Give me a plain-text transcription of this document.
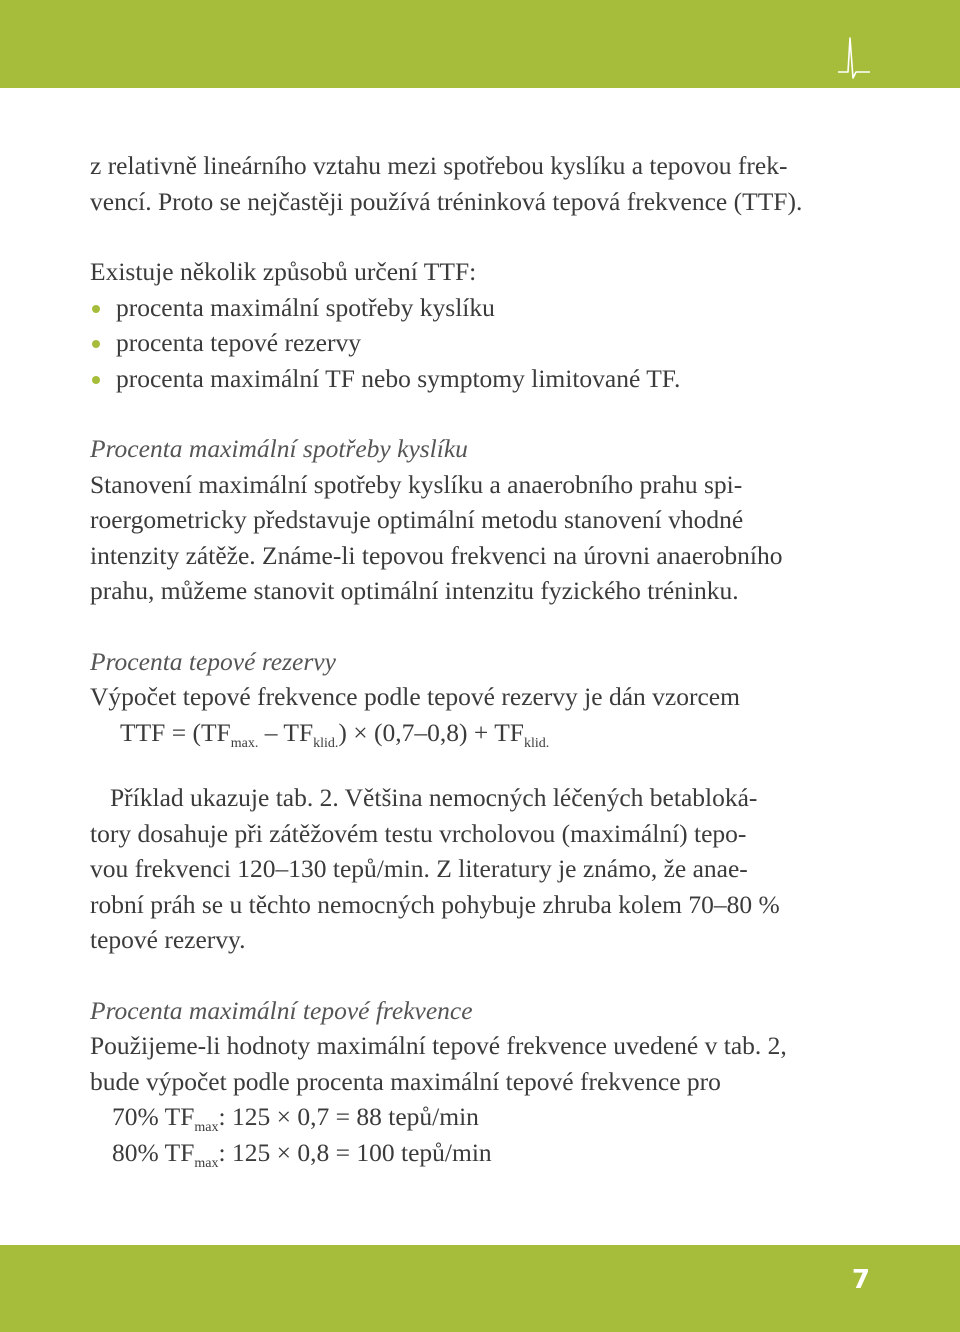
z relativně lineárního vztahu mezi spotřebou kyslíku a tepovou frek-

vencí. Proto se nejčastěji používá tréninková tepová frekvence (TTF).

Existuje několik způsobů určení TTF:

procenta maximální spotřeby kyslíku
procenta tepové rezervy
procenta maximální TF nebo symptomy limitované TF.

Procenta maximální spotřeby kyslíku

Stanovení maximální spotřeby kyslíku a anaerobního prahu spi-

roergometricky představuje optimální metodu stanovení vhodné

intenzity zátěže. Známe-li tepovou frekvenci na úrovni anaerobního

prahu, můžeme stanovit optimální intenzitu fyzického tréninku.

Procenta tepové rezervy

Výpočet tepové frekvence podle tepové rezervy je dán vzorcem

TTF = $(TF_{max.} - TF_{klid.}) \times (0,7-0,8) + TF_{klid.}$

Příklad ukazuje tab. 2. Většina nemocných léčených betabloká-

tory dosahuje při zátěžovém testu vrcholovou (maximální) tepo-

vou frekvenci 120–130 tepů/min. Z literatury je známo, že anae-

robní práh se u těchto nemocných pohybuje zhruba kolem 70–80 %

tepové rezervy.

Procenta maximální tepové frekvence

Použijeme-li hodnoty maximální tepové frekvence uvedené v tab. 2,

bude výpočet podle procenta maximální tepové frekvence pro

70% $TF_{max}$: 125 × 0,7 = 88 tepů/min

80% $TF_{max}$: 125 × 0,8 = 100 tepů/min

7
